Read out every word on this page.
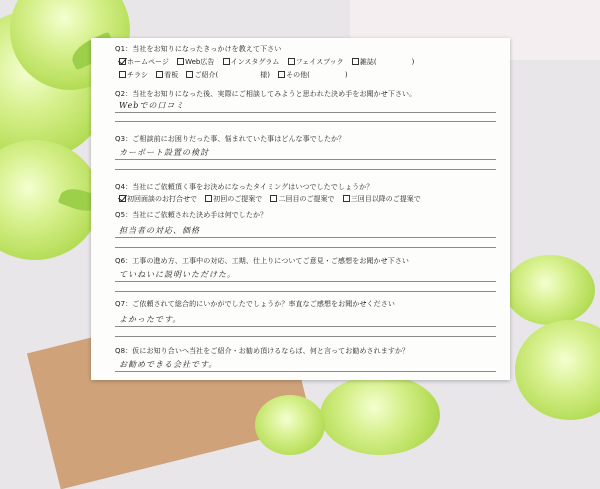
Q1：当社をお知りになったきっかけを教えて下さい
ホームページ Web広告 インスタグラム フェイスブック 雑誌(　　　　　)
チラシ 看板 ご紹介(　　　　　　様) その他(　　　　　)
Q2：当社をお知りになった後、実際にご相談してみようと思われた決め手をお聞かせ下さい。
Webでの口コミ
Q3：ご相談前にお困りだった事、悩まれていた事はどんな事でしたか？
カーポート設置の検討
Q4：当社にご依頼頂く事をお決めになったタイミングはいつでしたでしょうか？
初回面談のお打合せで 初回のご提案で 二回目のご提案で 三回目以降のご提案で
Q5：当社にご依頼された決め手は何でしたか？
担当者の対応、価格
Q6：工事の進め方、工事中の対応、工期、仕上りについてご意見・ご感想をお聞かせ下さい
ていねいに説明いただけた。
Q7：ご依頼されて総合的にいかがでしたでしょうか？率直なご感想をお聞かせください
よかったです。
Q8：仮にお知り合いへ当社をご紹介・お勧め頂けるならば、何と言ってお勧めされますか？
お勧めできる会社です。
